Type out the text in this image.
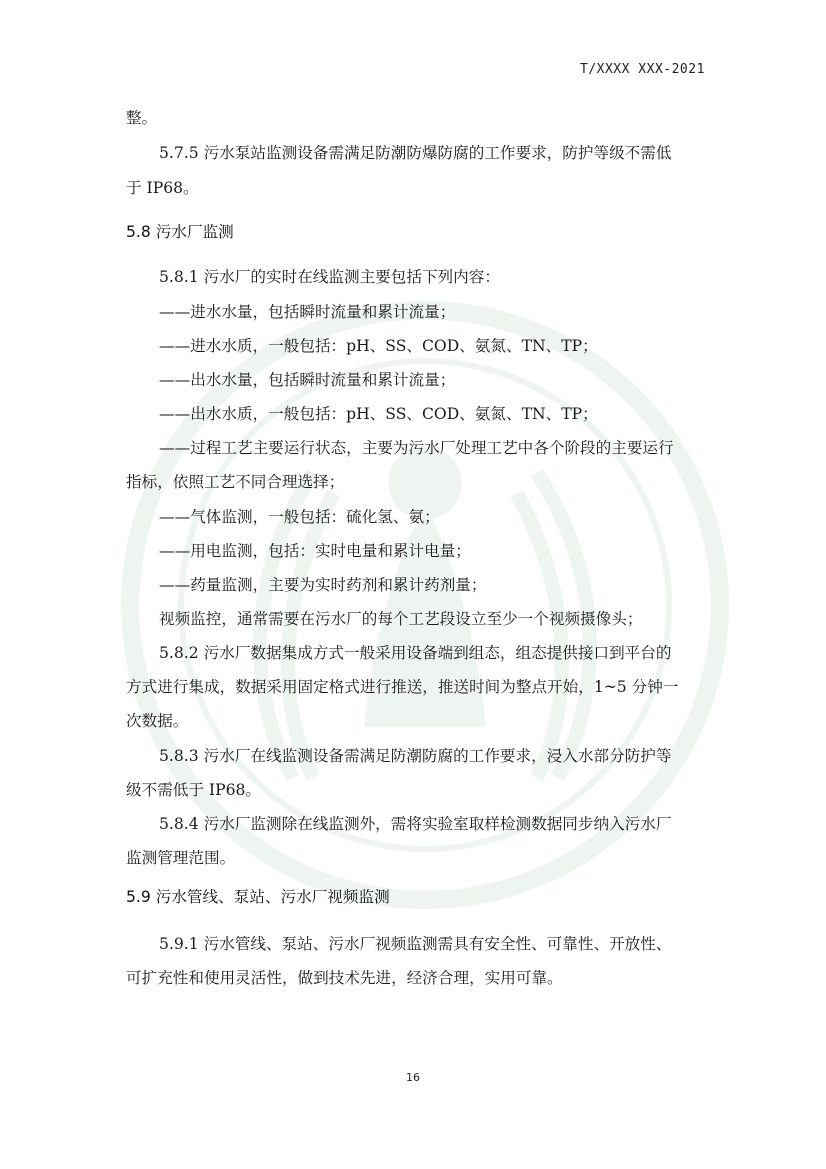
T/XXXX XXX-2021
整。
5.7.5 污水泵站监测设备需满足防潮防爆防腐的工作要求，防护等级不需低
于 IP68。
5.8 污水厂监测
5.8.1 污水厂的实时在线监测主要包括下列内容：
——进水水量，包括瞬时流量和累计流量；
——进水水质，一般包括：pH、SS、COD、氨氮、TN、TP；
——出水水量，包括瞬时流量和累计流量；
——出水水质，一般包括：pH、SS、COD、氨氮、TN、TP；
——过程工艺主要运行状态，主要为污水厂处理工艺中各个阶段的主要运行
指标，依照工艺不同合理选择；
——气体监测，一般包括：硫化氢、氨；
——用电监测，包括：实时电量和累计电量；
——药量监测，主要为实时药剂和累计药剂量；
视频监控，通常需要在污水厂的每个工艺段设立至少一个视频摄像头；
5.8.2 污水厂数据集成方式一般采用设备端到组态，组态提供接口到平台的
方式进行集成，数据采用固定格式进行推送，推送时间为整点开始，1~5 分钟一
次数据。
5.8.3 污水厂在线监测设备需满足防潮防腐的工作要求，浸入水部分防护等
级不需低于 IP68。
5.8.4 污水厂监测除在线监测外，需将实验室取样检测数据同步纳入污水厂
监测管理范围。
5.9 污水管线、泵站、污水厂视频监测
5.9.1 污水管线、泵站、污水厂视频监测需具有安全性、可靠性、开放性、
可扩充性和使用灵活性，做到技术先进，经济合理，实用可靠。
16
